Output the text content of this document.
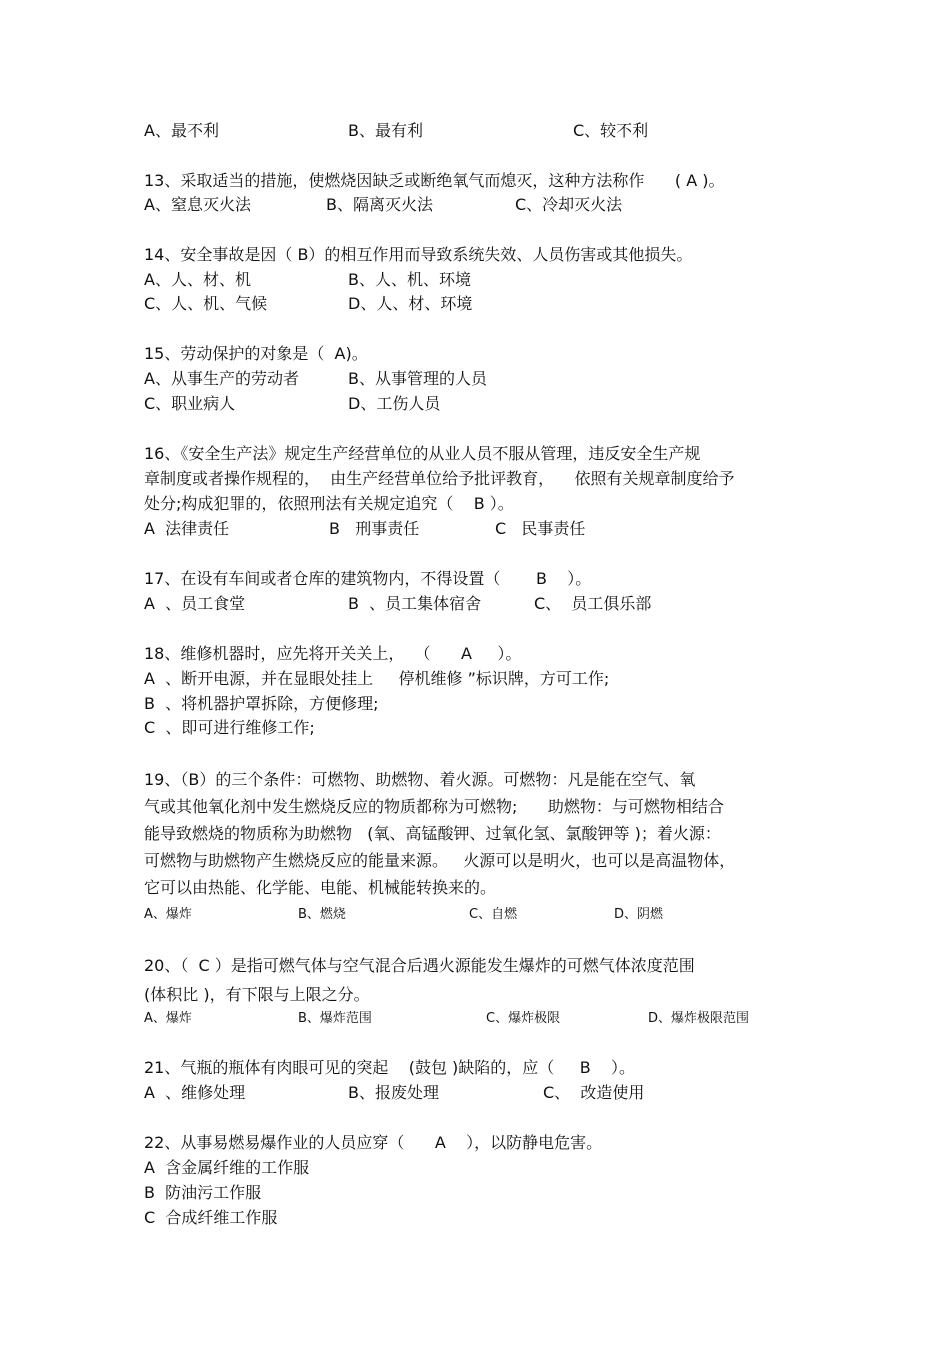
A、最不利	B、最有利	C、较不利
13、采取适当的措施，使燃烧因缺乏或断绝氧气而熄灭，这种方法称作      ( A )。
A、窒息灭火法	B、隔离灭火法	C、冷却灭火法
14、安全事故是因（ B）的相互作用而导致系统失效、人员伤害或其他损失。
A、人、材、机	B、人、机、环境
C、人、机、气候	D、人、材、环境
15、劳动保护的对象是（  A)。
A、从事生产的劳动者	B、从事管理的人员
C、职业病人	D、工伤人员
16、《安全生产法》规定生产经营单位的从业人员不服从管理，违反安全生产规
章制度或者操作规程的，  由生产经营单位给予批评教育，    依照有关规章制度给予
处分;构成犯罪的，依照刑法有关规定追究（    B ）。
A  法律责任	B   刑事责任	C   民事责任
17、在设有车间或者仓库的建筑物内，不得设置（       B    ）。
A  、员工食堂	B  、员工集体宿舍	C、  员工俱乐部
18、维修机器时，应先将开关关上，  （      A     ）。
A  、断开电源，并在显眼处挂上     停机维修 ”标识牌，方可工作;
B  、将机器护罩拆除，方便修理;
C  、即可进行维修工作;
19、（B）的三个条件：可燃物、助燃物、着火源。可燃物：凡是能在空气、氧
气或其他氧化剂中发生燃烧反应的物质都称为可燃物;      助燃物：与可燃物相结合
能导致燃烧的物质称为助燃物   (氧、高锰酸钾、过氧化氢、氯酸钾等 )；着火源：
可燃物与助燃物产生燃烧反应的能量来源。   火源可以是明火，也可以是高温物体，
它可以由热能、化学能、电能、机械能转换来的。
A、爆炸	B、燃烧	C、自燃	D、阴燃
20、（  C ）是指可燃气体与空气混合后遇火源能发生爆炸的可燃气体浓度范围
(体积比 )，有下限与上限之分。
A、爆炸	B、爆炸范围	C、爆炸极限	D、爆炸极限范围
21、气瓶的瓶体有肉眼可见的突起    (鼓包 )缺陷的，应（     B    ）。
A  、维修处理	B、报废处理	C、  改造使用
22、从事易燃易爆作业的人员应穿（      A    ），以防静电危害。
A  含金属纤维的工作服
B  防油污工作服
C  合成纤维工作服
